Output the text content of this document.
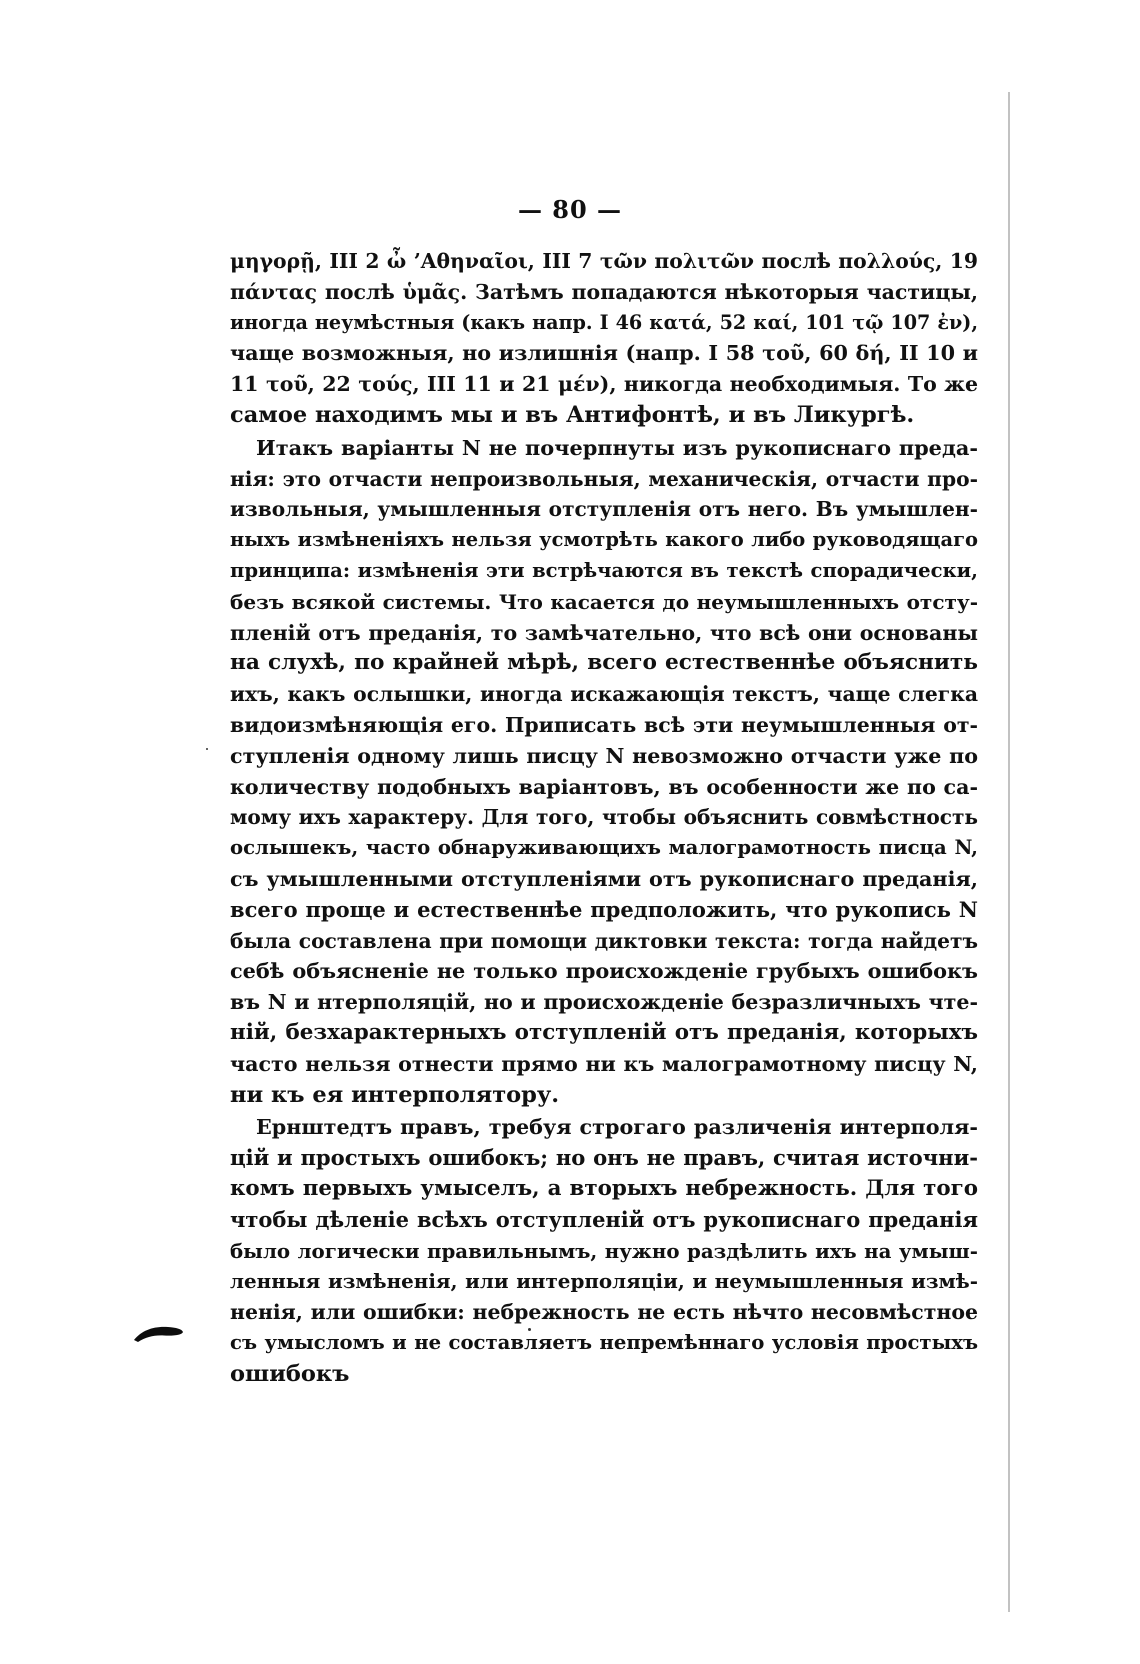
— 80 —
μηγορῇ, III 2 ὦ ’Αθηναῖοι, III 7 τῶν πολιτῶν послѣ πολλούς, 19
πάντας послѣ ὑμᾶς. Затѣмъ попадаются нѣкоторыя частицы,
иногда неумѣстныя (какъ напр. I 46 κατά, 52 καί, 101 τῷ 107 ἐν),
чаще возможныя, но излишнія (напр. I 58 τοῦ, 60 δή, II 10 и
11 τοῦ, 22 τούς, III 11 и 21 μέν), никогда необходимыя. То же
самое находимъ мы и въ Антифонтѣ, и въ Ликургѣ.
Итакъ варіанты N не почерпнуты изъ рукописнаго преда-
нія: это отчасти непроизвольныя, механическія, отчасти про-
извольныя, умышленныя отступленія отъ него. Въ умышлен-
ныхъ измѣненіяхъ нельзя усмотрѣть какого либо руководящаго
принципа: измѣненія эти встрѣчаются въ текстѣ спорадически,
безъ всякой системы. Что касается до неумышленныхъ отсту-
пленій отъ преданія, то замѣчательно, что всѣ они основаны
на слухѣ, по крайней мѣрѣ, всего естественнѣе объяснить
ихъ, какъ ослышки, иногда искажающія текстъ, чаще слегка
видоизмѣняющія его. Приписать всѣ эти неумышленныя от-
ступленія одному лишь писцу N невозможно отчасти уже по
количеству подобныхъ варіантовъ, въ особенности же по са-
мому ихъ характеру. Для того, чтобы объяснить совмѣстность
ослышекъ, часто обнаруживающихъ малограмотность писца N,
съ умышленными отступленіями отъ рукописнаго преданія,
всего проще и естественнѣе предположить, что рукопись N
была составлена при помощи диктовки текста: тогда найдетъ
себѣ объясненіе не только происхожденіе грубыхъ ошибокъ
въ N и нтерполяцій, но и происхожденіе безразличныхъ чте-
ній, безхарактерныхъ отступленій отъ преданія, которыхъ
часто нельзя отнести прямо ни къ малограмотному писцу N,
ни къ ея интерполятору.
Ернштедтъ правъ, требуя строгаго различенія интерполя-
цій и простыхъ ошибокъ; но онъ не правъ, считая источни-
комъ первыхъ умыселъ, а вторыхъ небрежность. Для того
чтобы дѣленіе всѣхъ отступленій отъ рукописнаго преданія
было логически правильнымъ, нужно раздѣлить ихъ на умыш-
ленныя измѣненія, или интерполяціи, и неумышленныя измѣ-
ненія, или ошибки: небрежность не есть нѣчто несовмѣстное
съ умысломъ и не составляетъ непремѣннаго условія простыхъ
ошибокъ
